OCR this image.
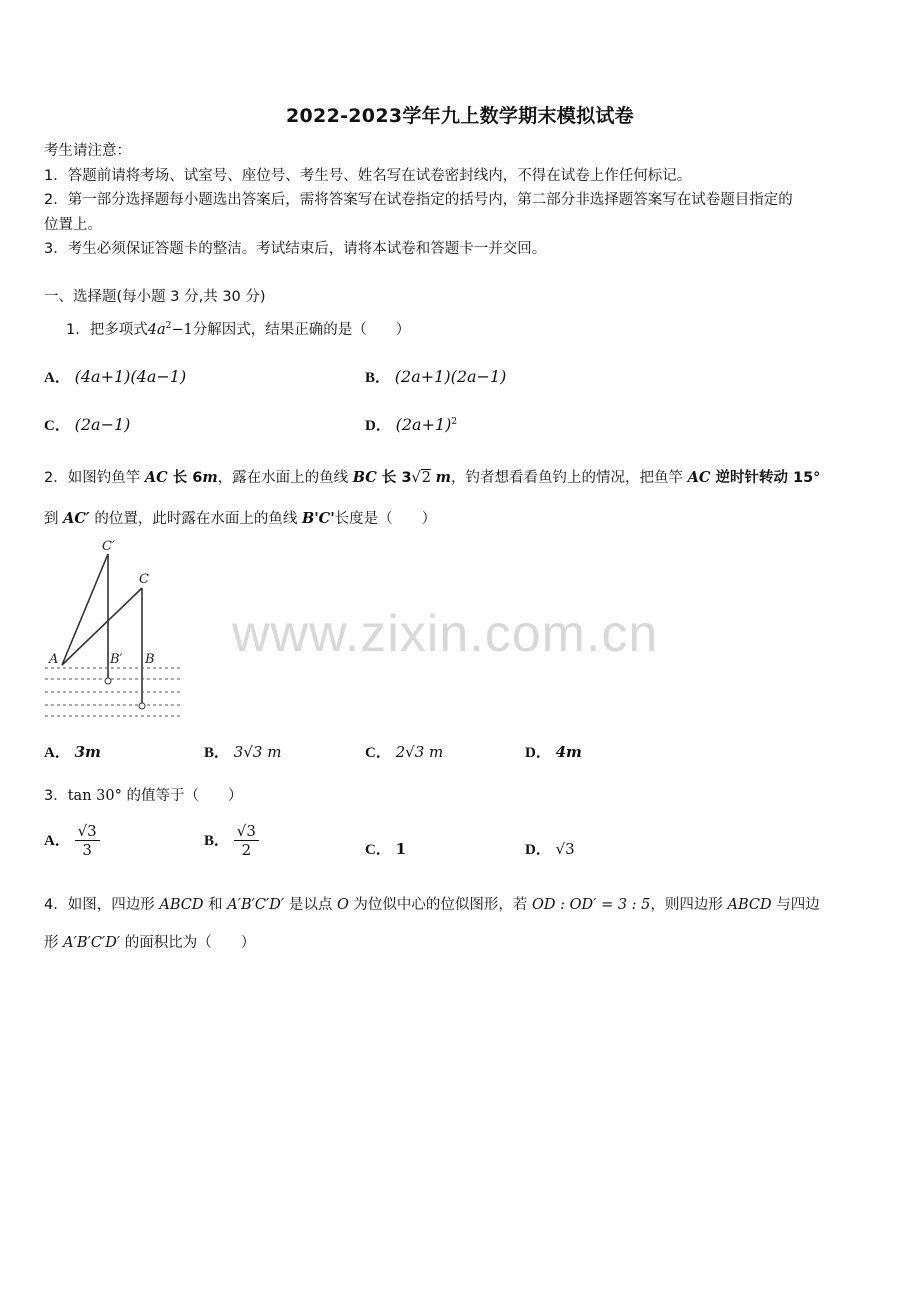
2022-2023学年九上数学期末模拟试卷
考生请注意：
1．答题前请将考场、试室号、座位号、考生号、姓名写在试卷密封线内，不得在试卷上作任何标记。
2．第一部分选择题每小题选出答案后，需将答案写在试卷指定的括号内，第二部分非选择题答案写在试卷题目指定的
位置上。
3．考生必须保证答题卡的整洁。考试结束后，请将本试卷和答题卡一并交回。
一、选择题(每小题 3 分,共 30 分)
1．把多项式$4a^2-1$分解因式，结果正确的是（　　）
A． (4a+1)(4a−1)	B． (2a+1)(2a−1)
C． (2a−1)	D． $(2a+1)^2$
2．如图钓鱼竿 AC 长 6m，露在水面上的鱼线 BC 长 3√2 m，钓者想看看鱼钓上的情况，把鱼竿 AC 逆时针转动 15°
到 AC′ 的位置，此时露在水面上的鱼线 B'C'长度是（　　）
C′
C
A	B′ B www.zixin.com.cn
A． 3m	B． 3√3 m	C． 2√3 m	D． 4m
3．tan 30° 的值等于（　　）
A． $\frac{√3}{3}$	B． $\frac{√3}{2}$	C． 1	D． √3
4．如图，四边形 ABCD 和 A′B′C′D′ 是以点 O 为位似中心的位似图形，若 OD : OD′ = 3 : 5，则四边形 ABCD 与四边
形 A′B′C′D′ 的面积比为（　　）
